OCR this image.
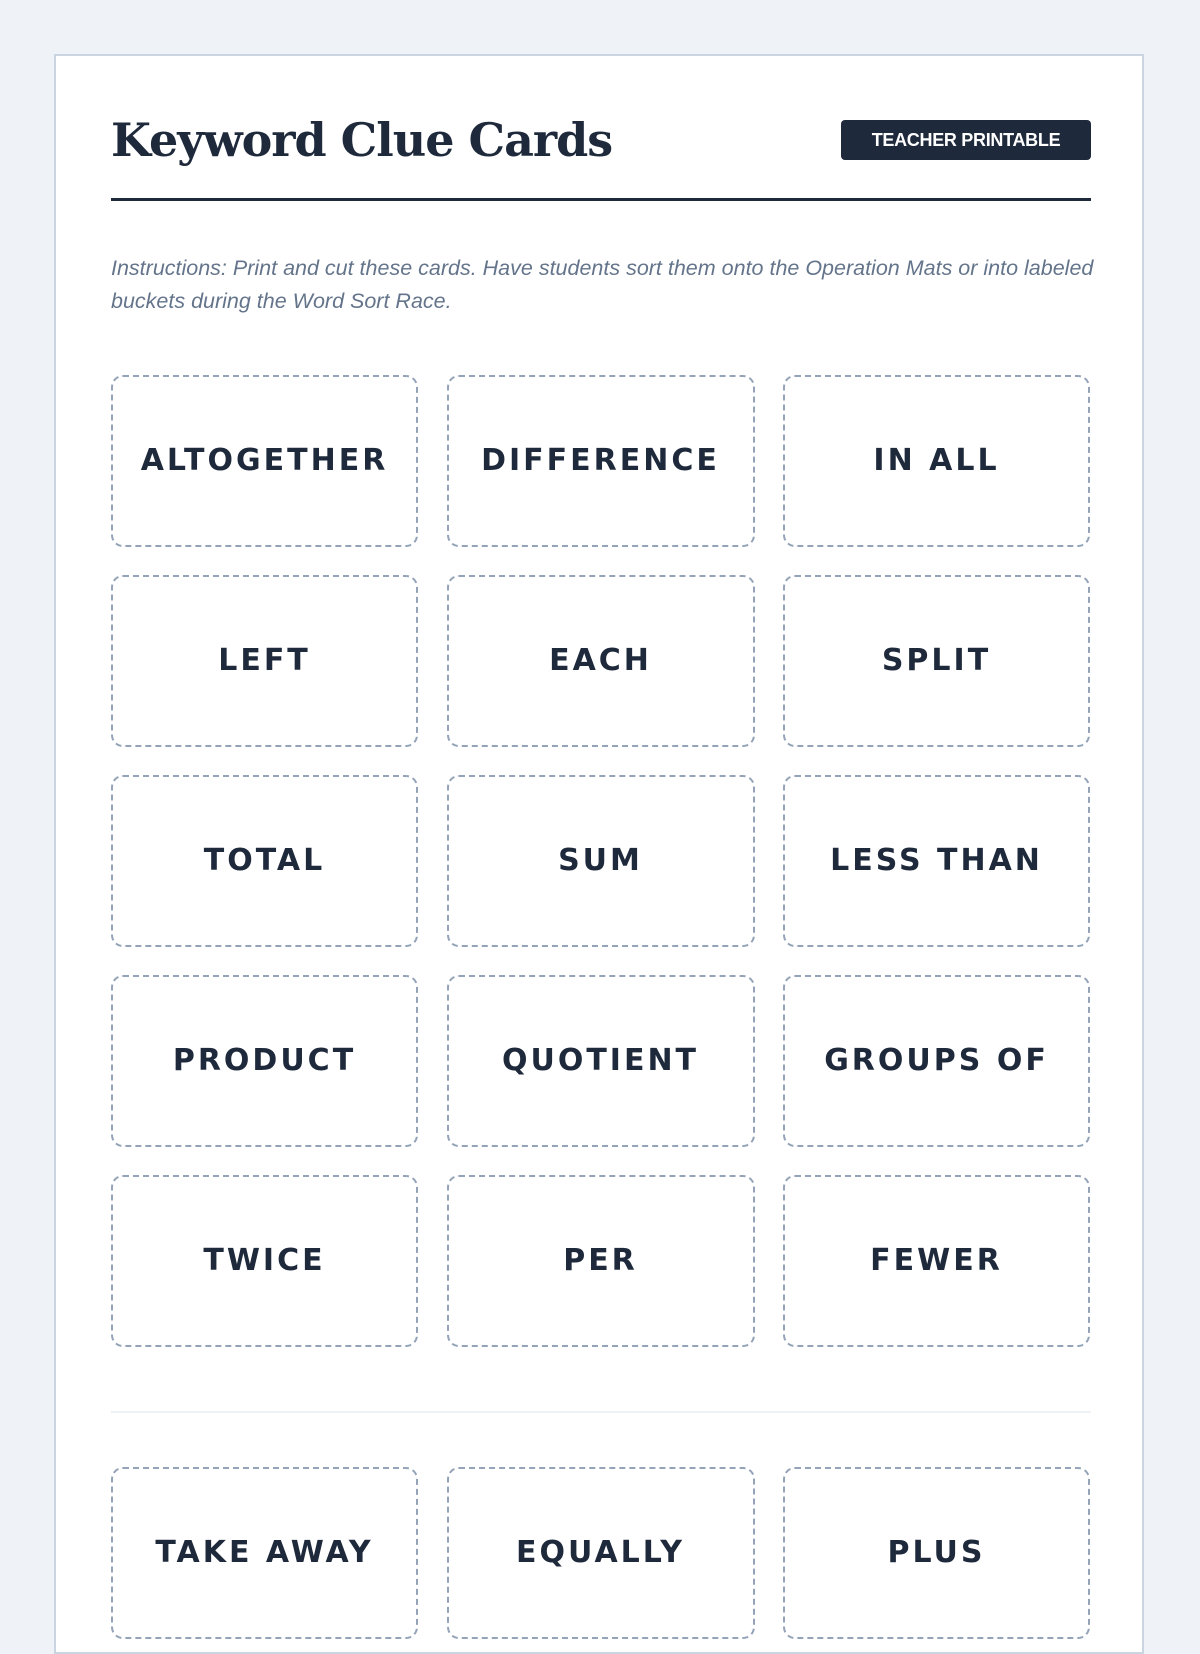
Keyword Clue Cards	TEACHER PRINTABLE

Instructions: Print and cut these cards. Have students sort them onto the Operation Mats or into labeled buckets during the Word Sort Race.

ALTOGETHER	DIFFERENCE	IN ALL
LEFT	EACH	SPLIT
TOTAL	SUM	LESS THAN
PRODUCT	QUOTIENT	GROUPS OF
TWICE	PER	FEWER
TAKE AWAY	EQUALLY	PLUS
